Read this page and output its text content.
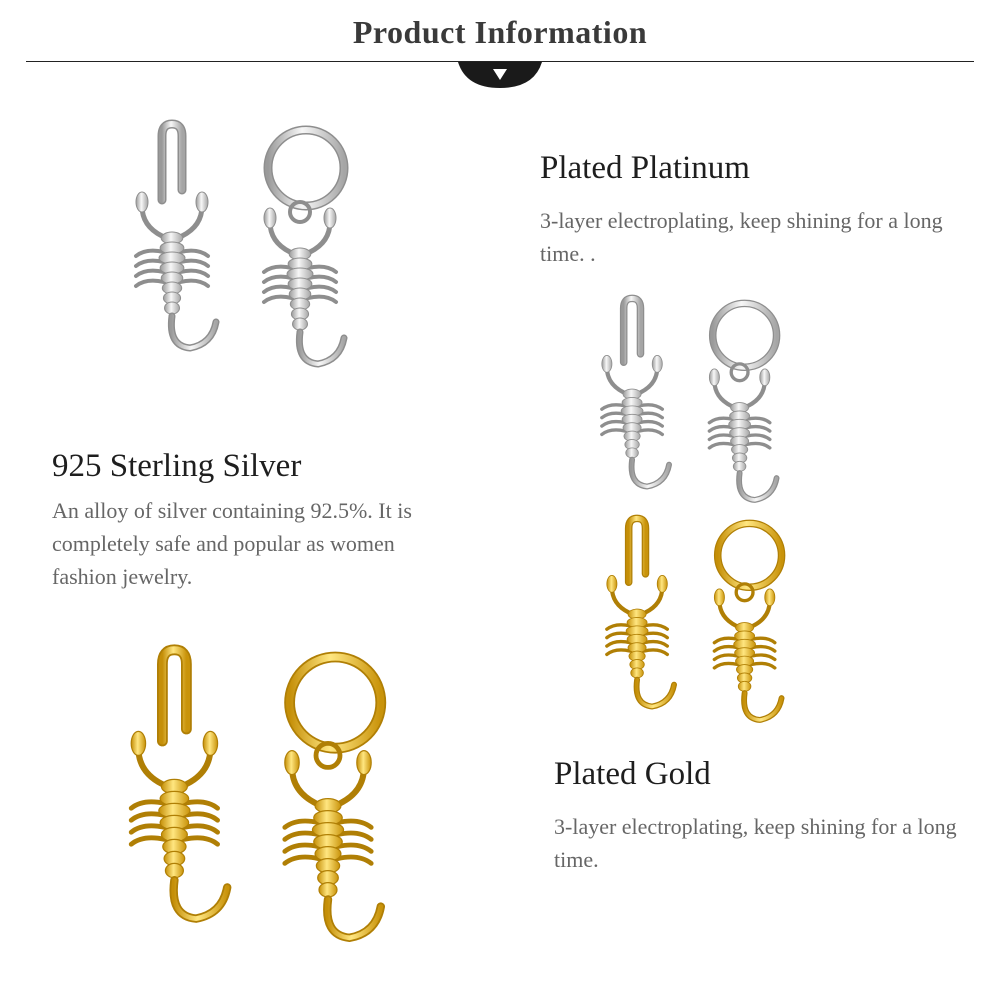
Product Information
925 Sterling Silver
An alloy of silver containing 92.5%. It is completely safe and popular as women fashion jewelry.
Plated Platinum
3-layer electroplating, keep shining for a long time. .
Plated Gold
3-layer electroplating, keep shining for a long time.
